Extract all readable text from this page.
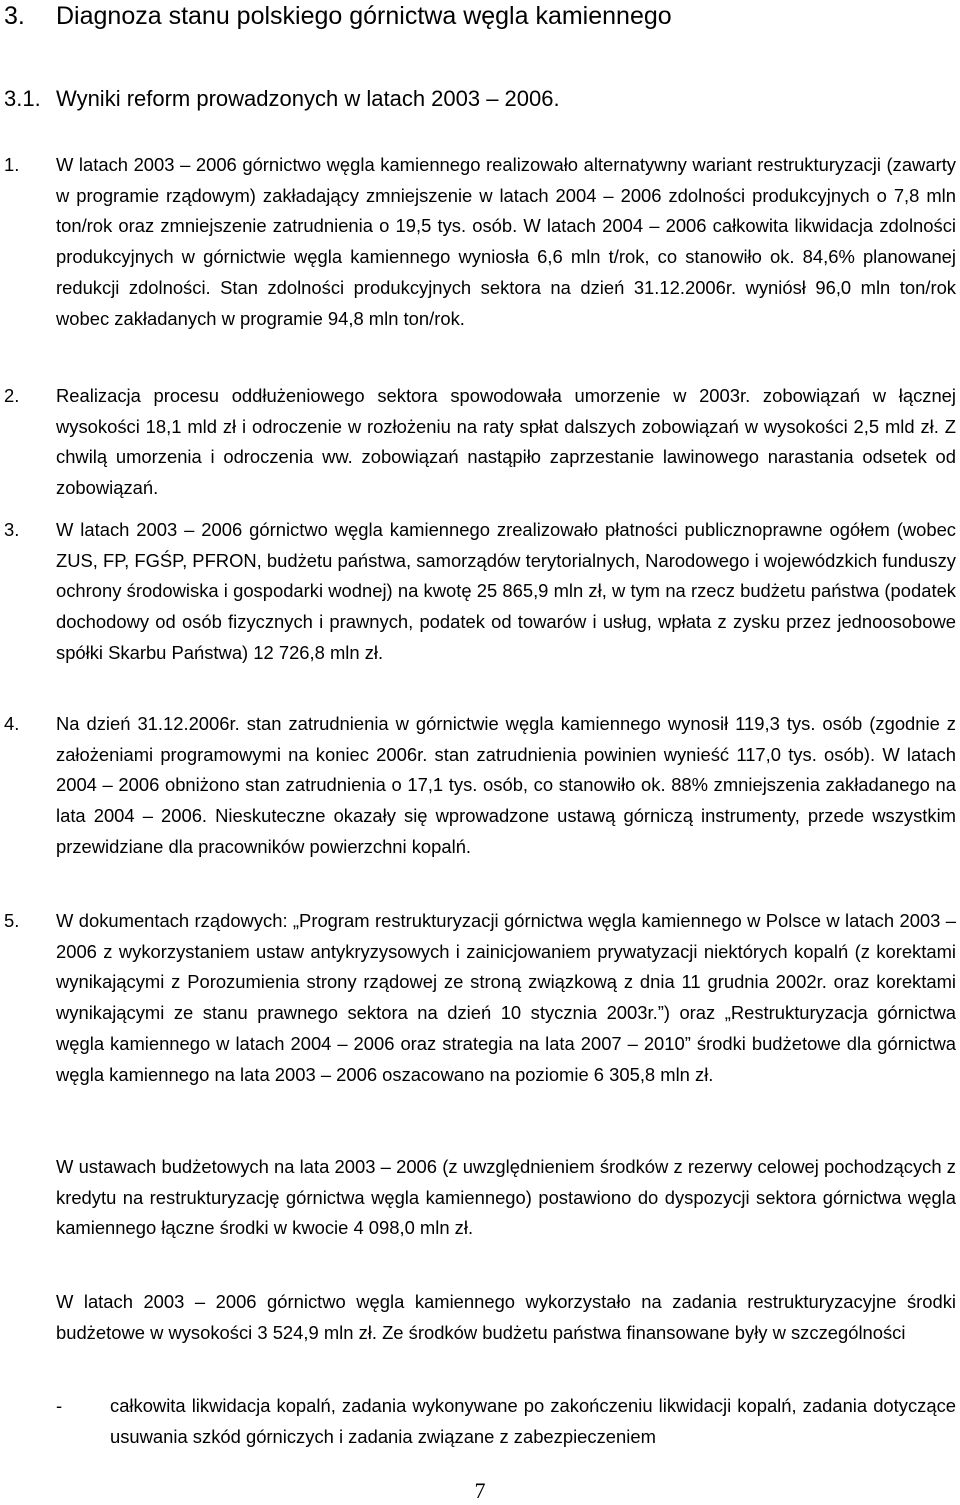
3. Diagnoza stanu polskiego górnictwa węgla kamiennego
3.1. Wyniki reform prowadzonych w latach 2003 – 2006.
1. W latach 2003 – 2006 górnictwo węgla kamiennego realizowało alternatywny wariant restrukturyzacji (zawarty w programie rządowym) zakładający zmniejszenie w latach 2004 – 2006 zdolności produkcyjnych o 7,8 mln ton/rok oraz zmniejszenie zatrudnienia o 19,5 tys. osób. W latach 2004 – 2006 całkowita likwidacja zdolności produkcyjnych w górnictwie węgla kamiennego wyniosła 6,6 mln t/rok, co stanowiło ok. 84,6% planowanej redukcji zdolności. Stan zdolności produkcyjnych sektora na dzień 31.12.2006r. wyniósł 96,0 mln ton/rok wobec zakładanych w programie 94,8 mln ton/rok.

2. Realizacja procesu oddłużeniowego sektora spowodowała umorzenie w 2003r. zobowiązań w łącznej wysokości 18,1 mld zł i odroczenie w rozłożeniu na raty spłat dalszych zobowiązań w wysokości 2,5 mld zł. Z chwilą umorzenia i odroczenia ww. zobowiązań nastąpiło zaprzestanie lawinowego narastania odsetek od zobowiązań.

3. W latach 2003 – 2006 górnictwo węgla kamiennego zrealizowało płatności publicznoprawne ogółem (wobec ZUS, FP, FGŚP, PFRON, budżetu państwa, samorządów terytorialnych, Narodowego i wojewódzkich funduszy ochrony środowiska i gospodarki wodnej) na kwotę 25 865,9 mln zł, w tym na rzecz budżetu państwa (podatek dochodowy od osób fizycznych i prawnych, podatek od towarów i usług, wpłata z zysku przez jednoosobowe spółki Skarbu Państwa) 12 726,8 mln zł.

4. Na dzień 31.12.2006r. stan zatrudnienia w górnictwie węgla kamiennego wynosił 119,3 tys. osób (zgodnie z założeniami programowymi na koniec 2006r. stan zatrudnienia powinien wynieść 117,0 tys. osób). W latach 2004 – 2006 obniżono stan zatrudnienia o 17,1 tys. osób, co stanowiło ok. 88% zmniejszenia zakładanego na lata 2004 – 2006. Nieskuteczne okazały się wprowadzone ustawą górniczą instrumenty, przede wszystkim przewidziane dla pracowników powierzchni kopalń.

5. W dokumentach rządowych: „Program restrukturyzacji górnictwa węgla kamiennego w Polsce w latach 2003 – 2006 z wykorzystaniem ustaw antykryzysowych i zainicjowaniem prywatyzacji niektórych kopalń (z korektami wynikającymi z Porozumienia strony rządowej ze stroną związkową z dnia 11 grudnia 2002r. oraz korektami wynikającymi ze stanu prawnego sektora na dzień 10 stycznia 2003r.”) oraz „Restrukturyzacja górnictwa węgla kamiennego w latach 2004 – 2006 oraz strategia na lata 2007 – 2010” środki budżetowe dla górnictwa węgla kamiennego na lata 2003 – 2006 oszacowano na poziomie 6 305,8 mln zł.

W ustawach budżetowych na lata 2003 – 2006 (z uwzględnieniem środków z rezerwy celowej pochodzących z kredytu na restrukturyzację górnictwa węgla kamiennego) postawiono do dyspozycji sektora górnictwa węgla kamiennego łączne środki w kwocie 4 098,0 mln zł.

W latach 2003 – 2006 górnictwo węgla kamiennego wykorzystało na zadania restrukturyzacyjne środki budżetowe w wysokości 3 524,9 mln zł. Ze środków budżetu państwa finansowane były w szczególności

-	całkowita likwidacja kopalń, zadania wykonywane po zakończeniu likwidacji kopalń, zadania dotyczące usuwania szkód górniczych i zadania związane z zabezpieczeniem
7
